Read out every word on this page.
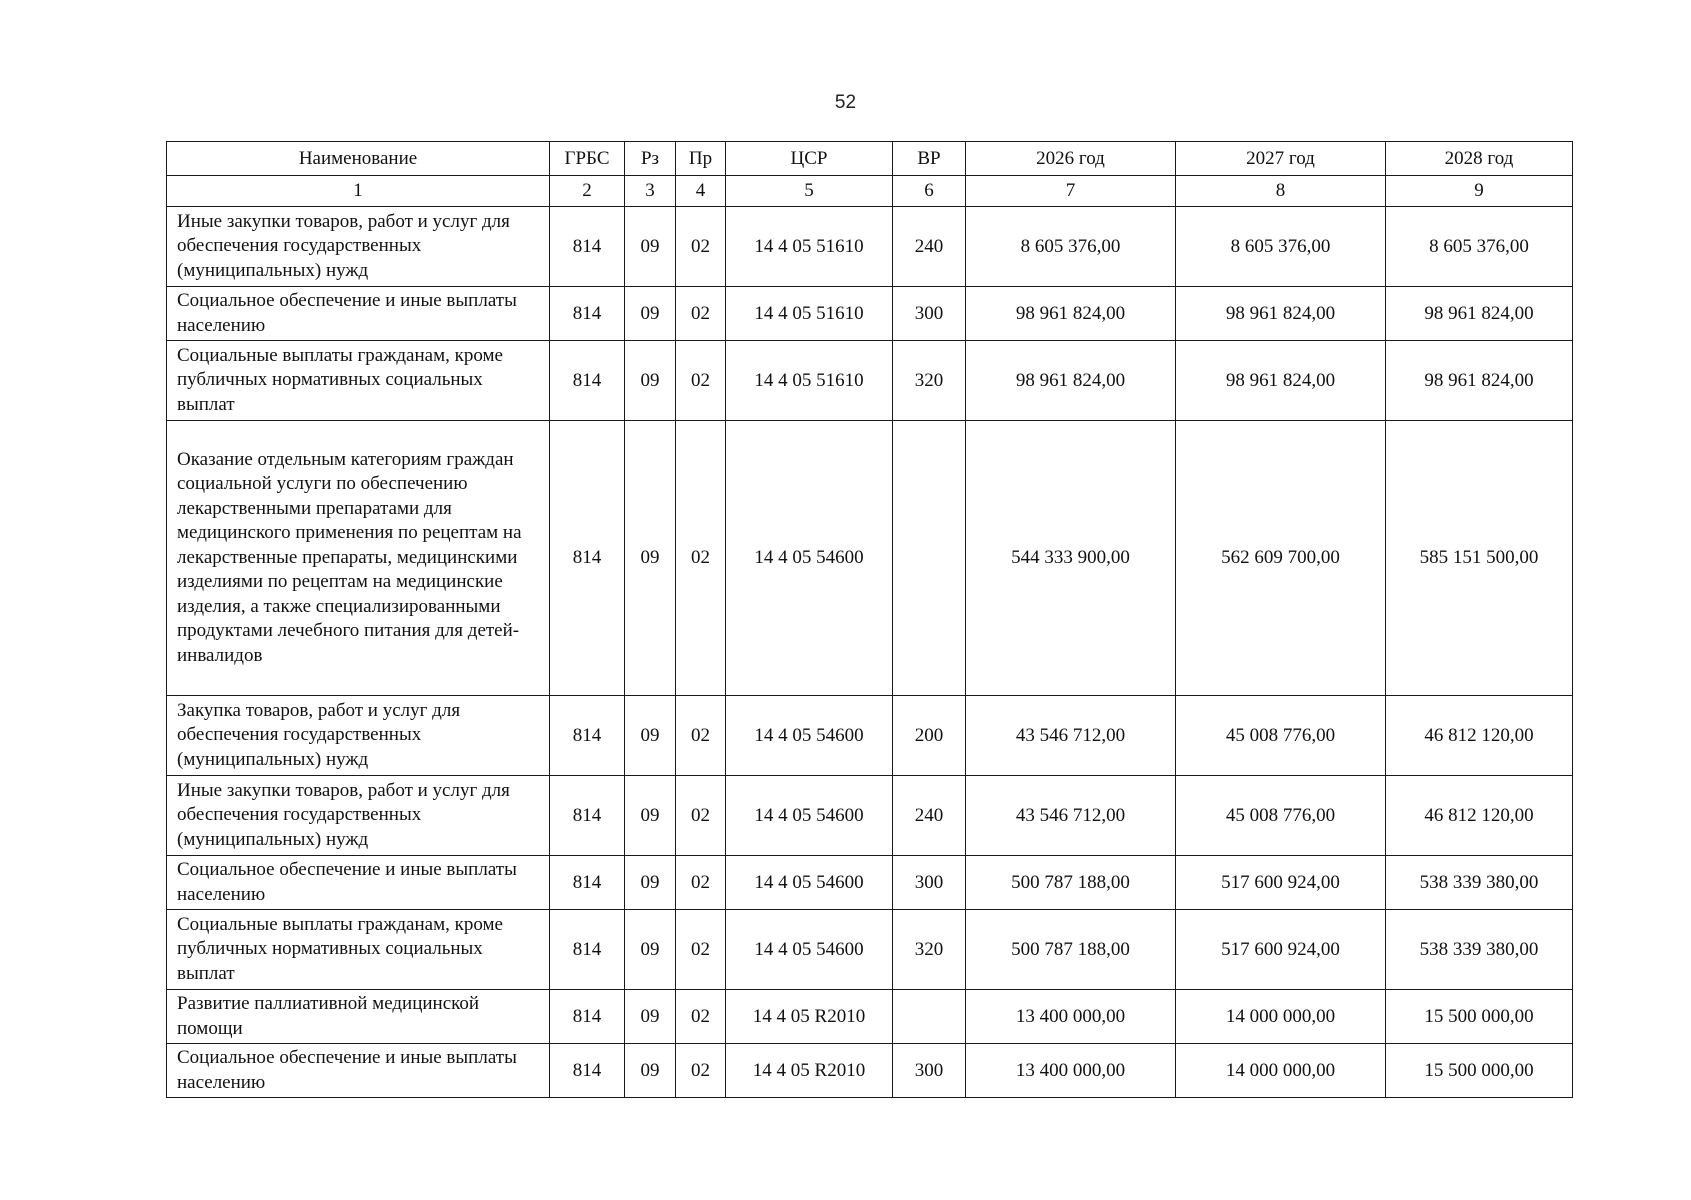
52
Наименование	ГРБС	Рз	Пр	ЦСР	ВР	2026 год	2027 год	2028 год
1	2	3	4	5	6	7	8	9
Иные закупки товаров, работ и услуг для обеспечения государственных (муниципальных) нужд	814	09	02	14 4 05 51610	240	8 605 376,00	8 605 376,00	8 605 376,00
Социальное обеспечение и иные выплаты населению	814	09	02	14 4 05 51610	300	98 961 824,00	98 961 824,00	98 961 824,00
Социальные выплаты гражданам, кроме публичных нормативных социальных выплат	814	09	02	14 4 05 51610	320	98 961 824,00	98 961 824,00	98 961 824,00
Оказание отдельным категориям граждан социальной услуги по обеспечению лекарственными препаратами для медицинского применения по рецептам на лекарственные препараты, медицинскими изделиями по рецептам на медицинские изделия, а также специализированными продуктами лечебного питания для детей-инвалидов	814	09	02	14 4 05 54600		544 333 900,00	562 609 700,00	585 151 500,00
Закупка товаров, работ и услуг для обеспечения государственных (муниципальных) нужд	814	09	02	14 4 05 54600	200	43 546 712,00	45 008 776,00	46 812 120,00
Иные закупки товаров, работ и услуг для обеспечения государственных (муниципальных) нужд	814	09	02	14 4 05 54600	240	43 546 712,00	45 008 776,00	46 812 120,00
Социальное обеспечение и иные выплаты населению	814	09	02	14 4 05 54600	300	500 787 188,00	517 600 924,00	538 339 380,00
Социальные выплаты гражданам, кроме публичных нормативных социальных выплат	814	09	02	14 4 05 54600	320	500 787 188,00	517 600 924,00	538 339 380,00
Развитие паллиативной медицинской помощи	814	09	02	14 4 05 R2010		13 400 000,00	14 000 000,00	15 500 000,00
Социальное обеспечение и иные выплаты населению	814	09	02	14 4 05 R2010	300	13 400 000,00	14 000 000,00	15 500 000,00
